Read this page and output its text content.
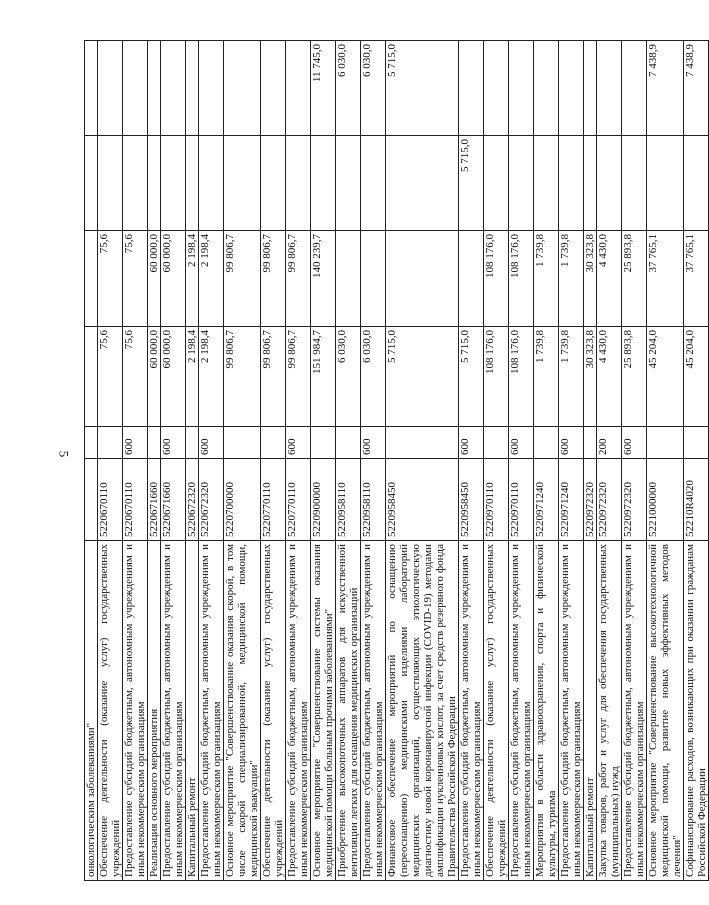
5
онкологическим заболеваниями"						
Обеспечение деятельности (оказание услуг) государственных учреждений	5220670110		75,6	75,6		
Предоставление субсидий бюджетным, автономным учреждениям и иным некоммерческим организациям	5220670110	600	75,6	75,6		
Реализация основного мероприятия	5220671660		60 000,0	60 000,0		
Предоставление субсидий бюджетным, автономным учреждениям и иным некоммерческим организациям	5220671660	600	60 000,0	60 000,0		
Капитальный ремонт	5220672320		2 198,4	2 198,4		
Предоставление субсидий бюджетным, автономным учреждениям и иным некоммерческим организациям	5220672320	600	2 198,4	2 198,4		
Основное мероприятие "Совершенствование оказания скорой, в том числе скорой специализированной, медицинской помощи, медицинской эвакуации"	5220700000		99 806,7	99 806,7		
Обеспечение деятельности (оказание услуг) государственных учреждений	5220770110		99 806,7	99 806,7		
Предоставление субсидий бюджетным, автономным учреждениям и иным некоммерческим организациям	5220770110	600	99 806,7	99 806,7		
Основное мероприятие "Совершенствование системы оказания медицинской помощи больным прочими заболеваниями"	5220900000		151 984,7	140 239,7		11 745,0
Приобретение высокопоточных аппаратов для искусственной вентиляции легких для оснащения медицинских организаций	5220958110		6 030,0			6 030,0
Предоставление субсидий бюджетным, автономным учреждениям и иным некоммерческим организациям	5220958110	600	6 030,0			6 030,0
Финансовое обеспечение мероприятий по оснащению (переоснащению) медицинскими изделиями лабораторий медицинских организаций, осуществляющих этиологическую диагностику новой коронавирусной инфекции (COVID-19) методами амплификации нуклеиновых кислот, за счет средств резервного фонда Правительства Российской Федерации	5220958450		5 715,0			5 715,0
Предоставление субсидий бюджетным, автономным учреждениям и иным некоммерческим организациям	5220958450	600	5 715,0		5 715,0	
Обеспечение деятельности (оказание услуг) государственных учреждений	5220970110		108 176,0	108 176,0		
Предоставление субсидий бюджетным, автономным учреждениям и иным некоммерческим организациям	5220970110	600	108 176,0	108 176,0		
Мероприятия в области здравоохранения, спорта и физической культуры, туризма	5220971240		1 739,8	1 739,8		
Предоставление субсидий бюджетным, автономным учреждениям и иным некоммерческим организациям	5220971240	600	1 739,8	1 739,8		
Капитальный ремонт	5220972320		30 323,8	30 323,8		
Закупка товаров, работ и услуг для обеспечения государственных (муниципальных) нужд	5220972320	200	4 430,0	4 430,0		
Предоставление субсидий бюджетным, автономным учреждениям и иным некоммерческим организациям	5220972320	600	25 893,8	25 893,8		
Основное мероприятие "Совершенствование высокотехнологичной медицинской помощи, развитие новых эффективных методов лечения"	5221000000		45 204,0	37 765,1		7 438,9
Софинансирование расходов, возникающих при оказании гражданам Российской Федерации	52210R4020		45 204,0	37 765,1		7 438,9
